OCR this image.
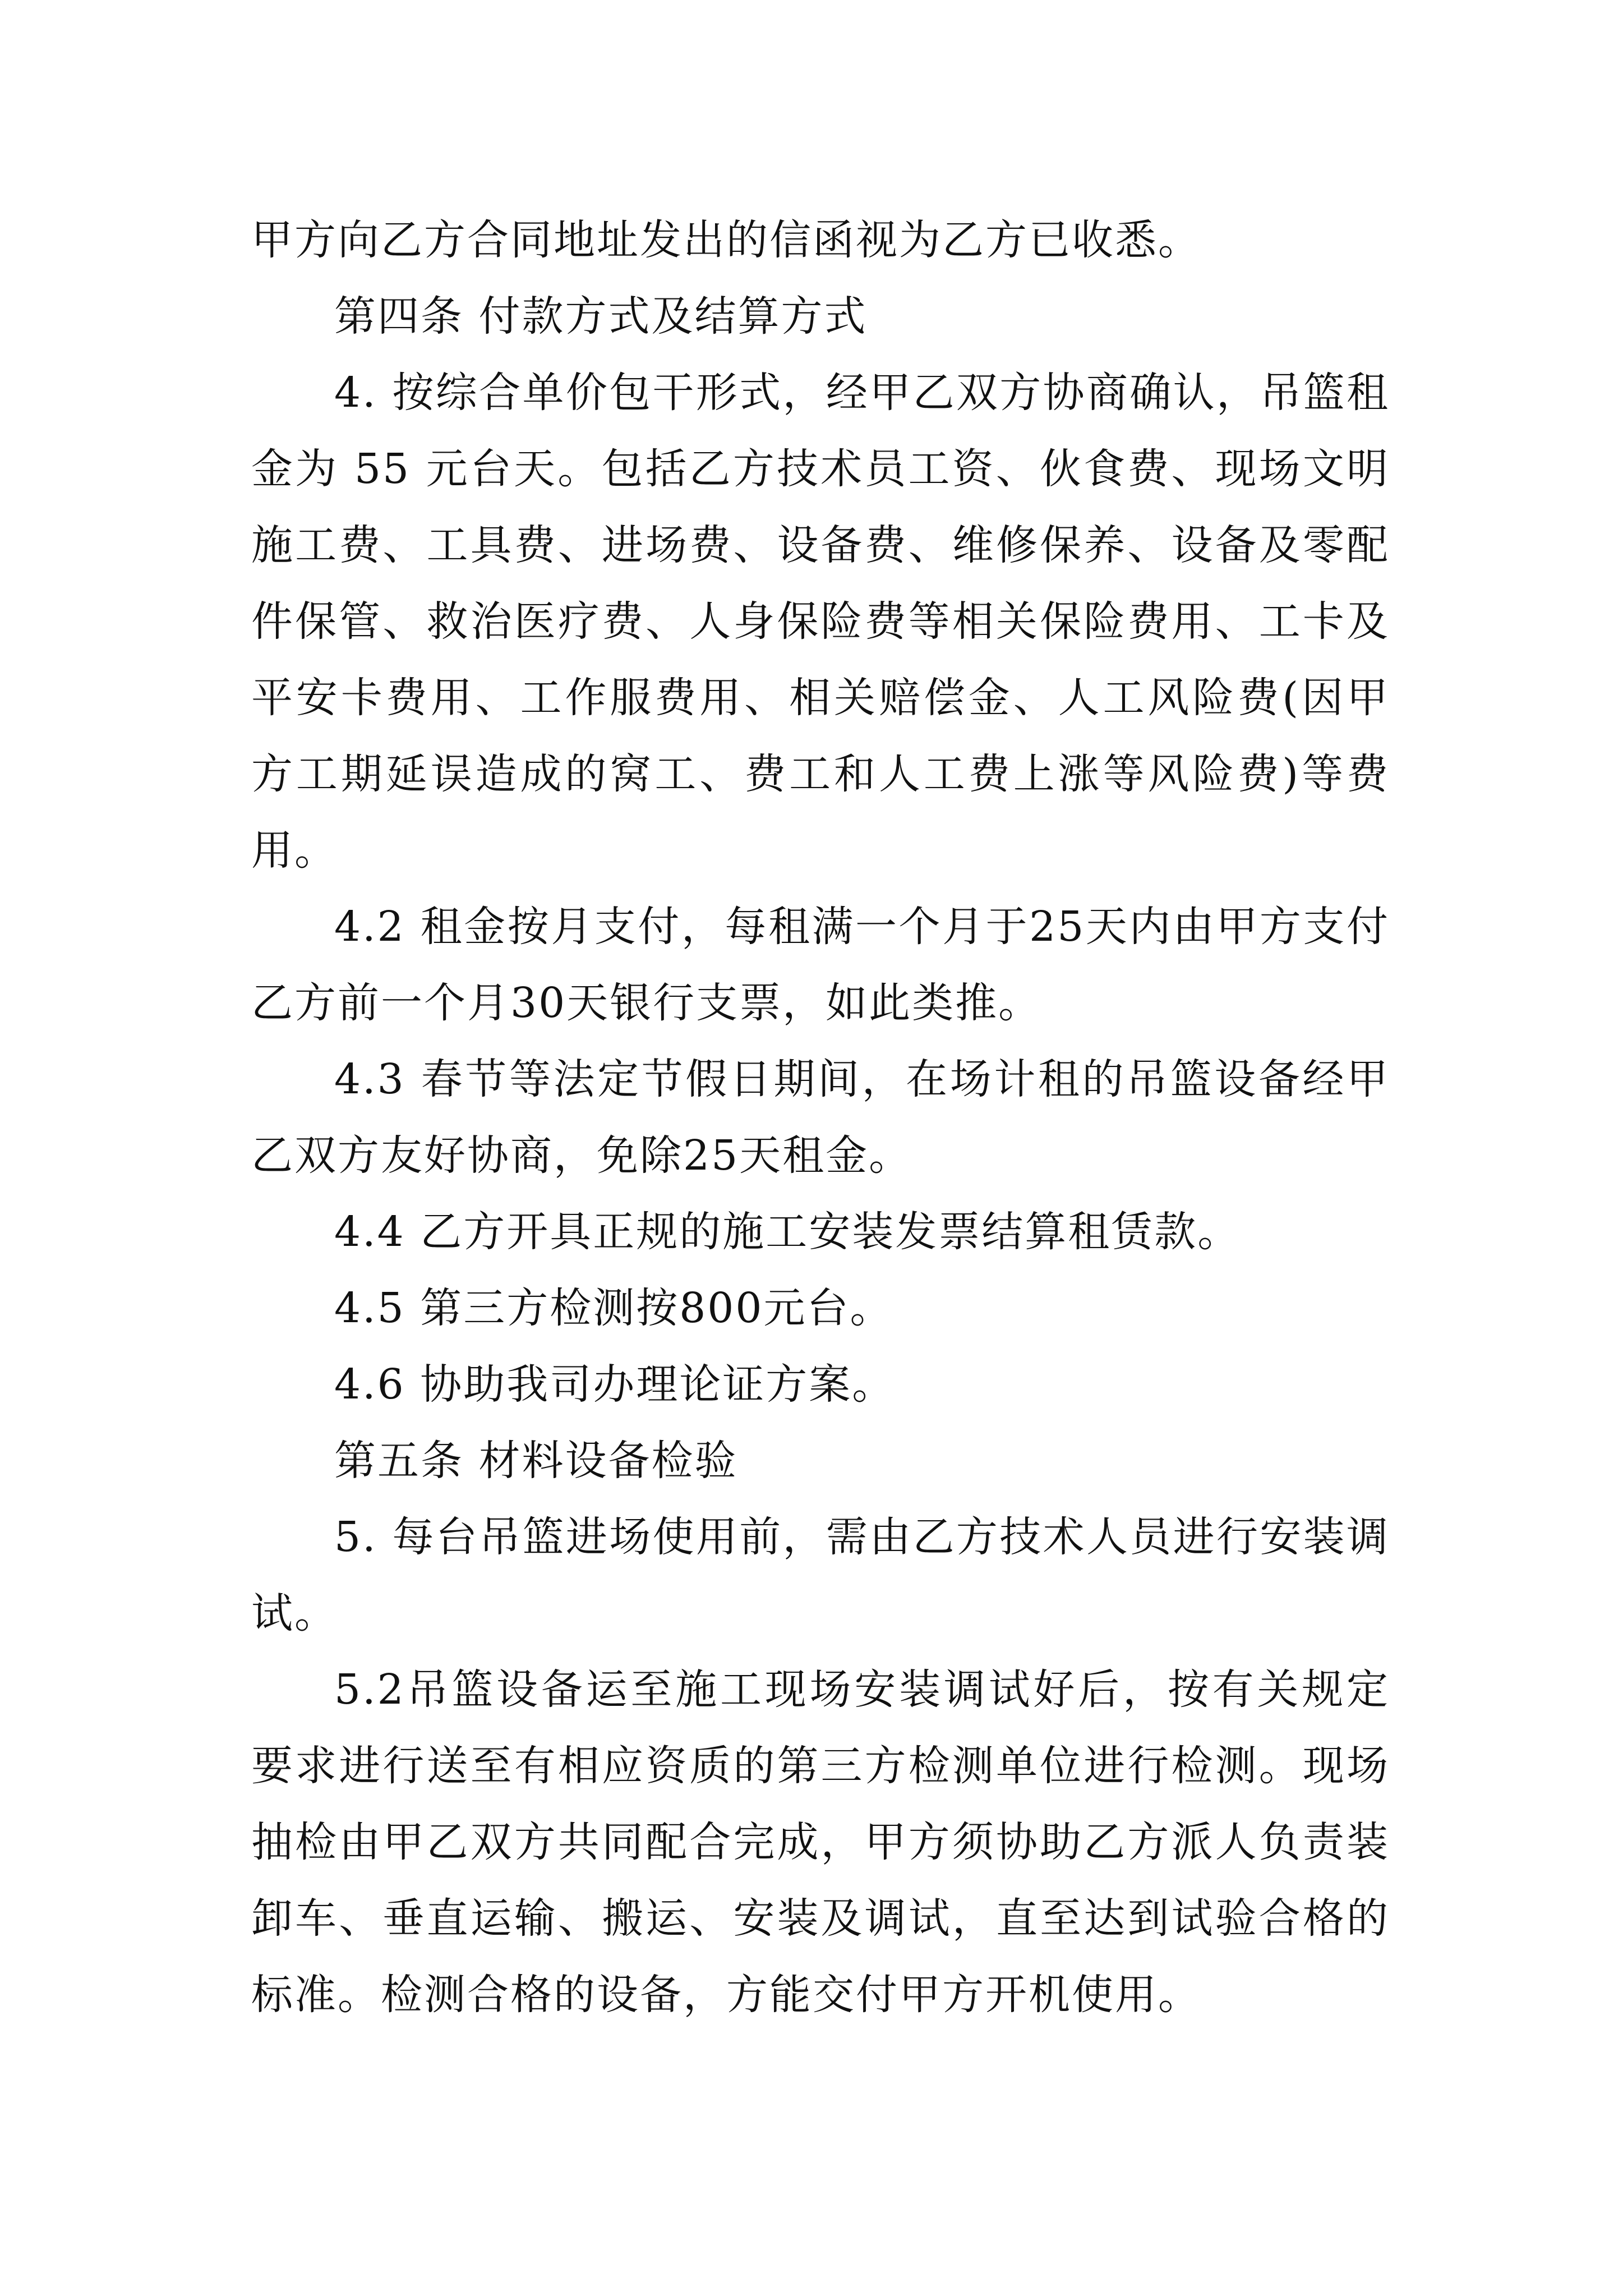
甲方向乙方合同地址发出的信函视为乙方已收悉。

第四条 付款方式及结算方式

4. 按综合单价包干形式，经甲乙双方协商确认，吊篮租金为 55 元台天。包括乙方技术员工资、伙食费、现场文明施工费、工具费、进场费、设备费、维修保养、设备及零配件保管、救治医疗费、人身保险费等相关保险费用、工卡及平安卡费用、工作服费用、相关赔偿金、人工风险费(因甲方工期延误造成的窝工、费工和人工费上涨等风险费)等费用。

4.2 租金按月支付，每租满一个月于25天内由甲方支付乙方前一个月30天银行支票，如此类推。

4.3 春节等法定节假日期间，在场计租的吊篮设备经甲乙双方友好协商，免除25天租金。

4.4 乙方开具正规的施工安装发票结算租赁款。

4.5 第三方检测按800元台。

4.6 协助我司办理论证方案。

第五条 材料设备检验

5. 每台吊篮进场使用前，需由乙方技术人员进行安装调试。

5.2吊篮设备运至施工现场安装调试好后，按有关规定要求进行送至有相应资质的第三方检测单位进行检测。现场抽检由甲乙双方共同配合完成，甲方须协助乙方派人负责装卸车、垂直运输、搬运、安装及调试，直至达到试验合格的标准。检测合格的设备，方能交付甲方开机使用。
